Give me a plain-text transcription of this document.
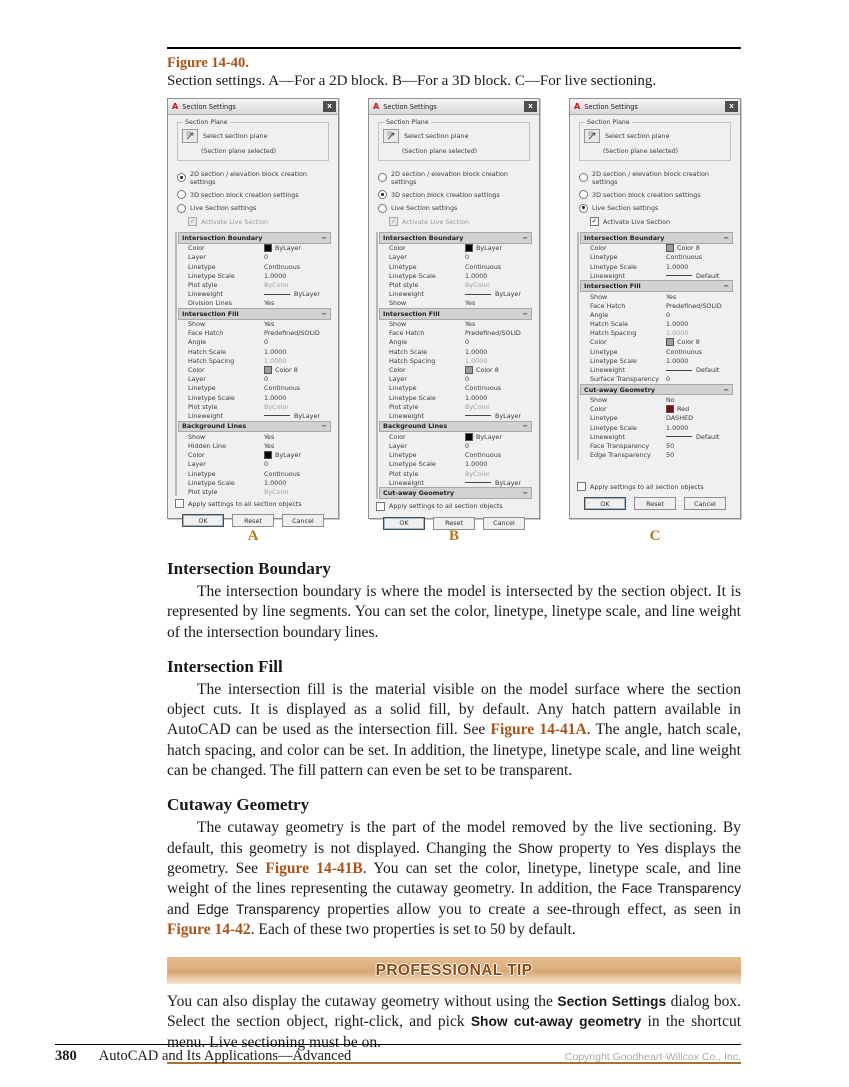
Figure 14-40.
Section settings. A—For a 2D block. B—For a 3D block. C—For live sectioning.
A Section Settings	x
Section Plane
Select section plane
(Section plane selected)
2D section / elevation block creation settings
3D section block creation settings
Live Section settings
✓
Activate Live Section
Intersection Boundary	−
Color	ByLayer
Layer	0
Linetype	Continuous
Linetype Scale	1.0000
Plot style	ByColor
Lineweight	ByLayer
Division Lines	Yes
Intersection Fill	−
Show	Yes
Face Hatch	Predefined/SOLID
Angle	0
Hatch Scale	1.0000
Hatch Spacing	1.0000
Color	Color 8
Layer	0
Linetype	Continuous
Linetype Scale	1.0000
Plot style	ByColor
Lineweight	ByLayer
Background Lines	−
Show	Yes
Hidden Line	Yes
Color	ByLayer
Layer	0
Linetype	Continuous
Linetype Scale	1.0000
Plot style	ByColor
Apply settings to all section objects
OK	Reset	Cancel
A
A Section Settings	x
Section Plane
Select section plane
(Section plane selected)
2D section / elevation block creation settings
3D section block creation settings
Live Section settings
✓
Activate Live Section
Intersection Boundary	−
Color	ByLayer
Layer	0
Linetype	Continuous
Linetype Scale	1.0000
Plot style	ByColor
Lineweight	ByLayer
Show	Yes
Intersection Fill	−
Show	Yes
Face Hatch	Predefined/SOLID
Angle	0
Hatch Scale	1.0000
Hatch Spacing	1.0000
Color	Color 8
Layer	0
Linetype	Continuous
Linetype Scale	1.0000
Plot style	ByColor
Lineweight	ByLayer
Background Lines	−
Color	ByLayer
Layer	0
Linetype	Continuous
Linetype Scale	1.0000
Plot style	ByColor
Lineweight	ByLayer
Cut-away Geometry	−
Apply settings to all section objects
OK	Reset	Cancel
B
A Section Settings	x
Section Plane
Select section plane
(Section plane selected)
2D section / elevation block creation settings
3D section block creation settings
Live Section settings
✓
Activate Live Section
Intersection Boundary	−
Color	Color 8
Linetype	Continuous
Linetype Scale	1.0000
Lineweight	Default
Intersection Fill	−
Show	Yes
Face Hatch	Predefined/SOLID
Angle	0
Hatch Scale	1.0000
Hatch Spacing	1.0000
Color	Color 8
Linetype	Continuous
Linetype Scale	1.0000
Lineweight	Default
Surface Transparency	0
Cut-away Geometry	−
Show	No
Color	Red
Linetype	DASHED
Linetype Scale	1.0000
Lineweight	Default
Face Transparency	50
Edge Transparency	50
Apply settings to all section objects
OK	Reset	Cancel
C
Intersection Boundary
The intersection boundary is where the model is intersected by the section object. It is represented by line segments. You can set the color, linetype, linetype scale, and line weight of the intersection boundary lines.
Intersection Fill
The intersection fill is the material visible on the model surface where the section object cuts. It is displayed as a solid fill, by default. Any hatch pattern available in AutoCAD can be used as the intersection fill. See Figure 14-41A. The angle, hatch scale, hatch spacing, and color can be set. In addition, the linetype, linetype scale, and line weight can be changed. The fill pattern can even be set to be transparent.
Cutaway Geometry
The cutaway geometry is the part of the model removed by the live sectioning. By default, this geometry is not displayed. Changing the Show property to Yes displays the geometry. See Figure 14-41B. You can set the color, linetype, linetype scale, and line weight of the lines representing the cutaway geometry. In addition, the Face Transparency and Edge Transparency properties allow you to create a see-through effect, as seen in Figure 14-42. Each of these two properties is set to 50 by default.
PROFESSIONAL TIP
You can also display the cutaway geometry without using the Section Settings dialog box. Select the section object, right-click, and pick Show cut-away geometry in the shortcut menu. Live sectioning must be on.
380 AutoCAD and Its Applications—Advanced	Copyright Goodheart-Willcox Co., Inc.
